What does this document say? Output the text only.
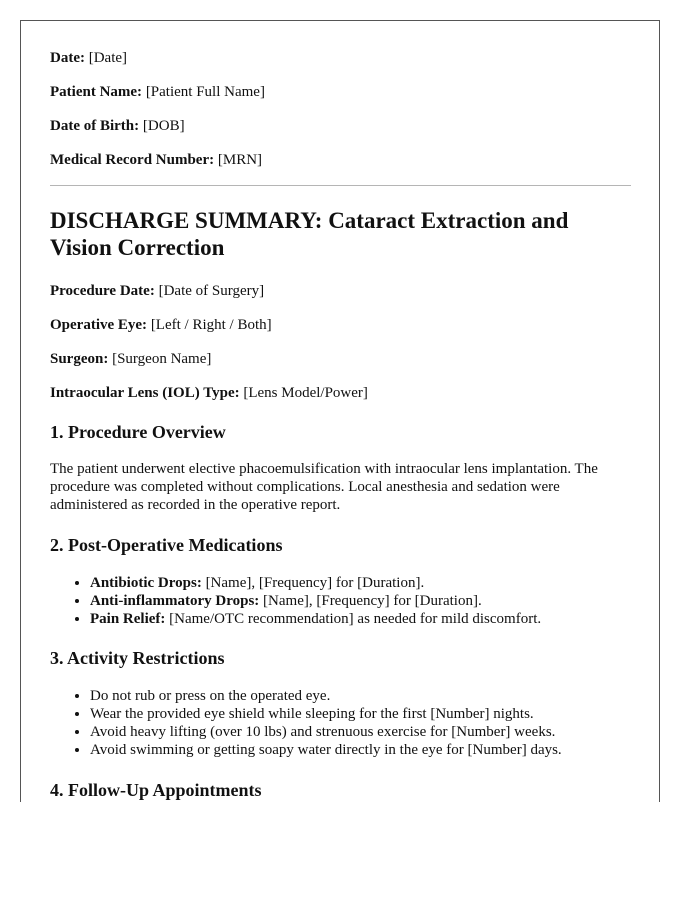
Date: [Date]

Patient Name: [Patient Full Name]

Date of Birth: [DOB]

Medical Record Number: [MRN]

DISCHARGE SUMMARY: Cataract Extraction and Vision Correction

Procedure Date: [Date of Surgery]

Operative Eye: [Left / Right / Both]

Surgeon: [Surgeon Name]

Intraocular Lens (IOL) Type: [Lens Model/Power]

1. Procedure Overview

The patient underwent elective phacoemulsification with intraocular lens implantation. The procedure was completed without complications. Local anesthesia and sedation were administered as recorded in the operative report.

2. Post-Operative Medications
• Antibiotic Drops: [Name], [Frequency] for [Duration].
• Anti-inflammatory Drops: [Name], [Frequency] for [Duration].
• Pain Relief: [Name/OTC recommendation] as needed for mild discomfort.
3. Activity Restrictions
• Do not rub or press on the operated eye.
• Wear the provided eye shield while sleeping for the first [Number] nights.
• Avoid heavy lifting (over 10 lbs) and strenuous exercise for [Number] weeks.
• Avoid swimming or getting soapy water directly in the eye for [Number] days.
4. Follow-Up Appointments
